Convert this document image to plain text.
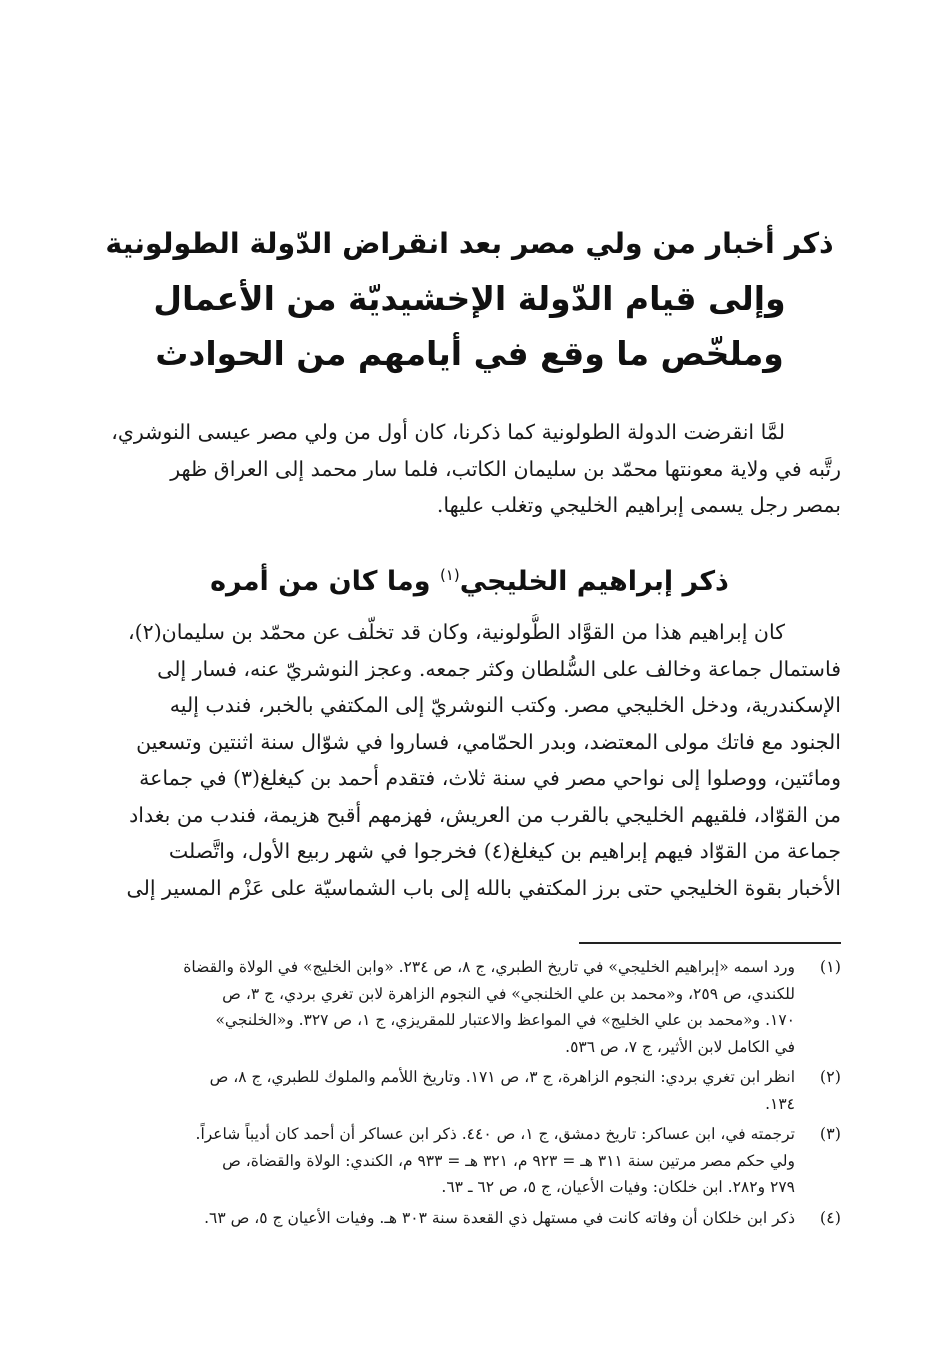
ذكر أخبار من ولي مصر بعد انقراض الدّولة الطولونية
وإلى قيام الدّولة الإخشيديّة من الأعمال
وملخّص ما وقع في أيامهم من الحوادث
لمَّا انقرضت الدولة الطولونية كما ذكرنا، كان أول من ولي مصر عيسى النوشري،
رتَّبه في ولاية معونتها محمّد بن سليمان الكاتب، فلما سار محمد إلى العراق ظهر
بمصر رجل يسمى إبراهيم الخليجي وتغلب عليها.
ذكر إبراهيم الخليجي$^{(١)}$ وما كان من أمره
كان إبراهيم هذا من القوَّاد الطُّولونية، وكان قد تخلّف عن محمّد بن سليمان(٢)،
فاستمال جماعة وخالف على السُّلطان وكثر جمعه. وعجز النوشريّ عنه، فسار إلى
الإسكندرية، ودخل الخليجي مصر. وكتب النوشريّ إلى المكتفي بالخبر، فندب إليه
الجنود مع فاتك مولى المعتضد، وبدر الحمّامي، فساروا في شوّال سنة اثنتين وتسعين
ومائتين، ووصلوا إلى نواحي مصر في سنة ثلاث، فتقدم أحمد بن كيغلغ(٣) في جماعة
من القوّاد، فلقيهم الخليجي بالقرب من العريش، فهزمهم أقبح هزيمة، فندب من بغداد
جماعة من القوّاد فيهم إبراهيم بن كيغلغ(٤) فخرجوا في شهر ربيع الأول، واتَّصلت
الأخبار بقوة الخليجي حتى برز المكتفي بالله إلى باب الشماسيّة على عَزْم المسير إلى
(١)
ورد اسمه «إبراهيم الخليجي» في تاريخ الطبري، ج ٨، ص ٢٣٤. «وابن الخليج» في الولاة والقضاة
للكندي، ص ٢٥٩، و«محمد بن علي الخلنجي» في النجوم الزاهرة لابن تغري بردي، ج ٣، ص
١٧٠. و«محمد بن علي الخليج» في المواعظ والاعتبار للمقريزي، ج ١، ص ٣٢٧. و«الخلنجي»
في الكامل لابن الأثير، ج ٧، ص ٥٣٦.
(٢)
انظر ابن تغري بردي: النجوم الزاهرة، ج ٣، ص ١٧١. وتاريخ اللأمم والملوك للطبري، ج ٨، ص
١٣٤.
(٣)
ترجمته في، ابن عساكر: تاريخ دمشق، ج ١، ص ٤٤٠. ذكر ابن عساكر أن أحمد كان أديباً شاعراً.
ولي حكم مصر مرتين سنة ٣١١ هـ = ٩٢٣ م، ٣٢١ هـ = ٩٣٣ م، الكندي: الولاة والقضاة، ص
٢٧٩ و٢٨٢. ابن خلكان: وفيات الأعيان، ج ٥، ص ٦٢ ـ ٦٣.
(٤)
ذكر ابن خلكان أن وفاته كانت في مستهل ذي القعدة سنة ٣٠٣ هـ. وفيات الأعيان ج ٥، ص ٦٣.
